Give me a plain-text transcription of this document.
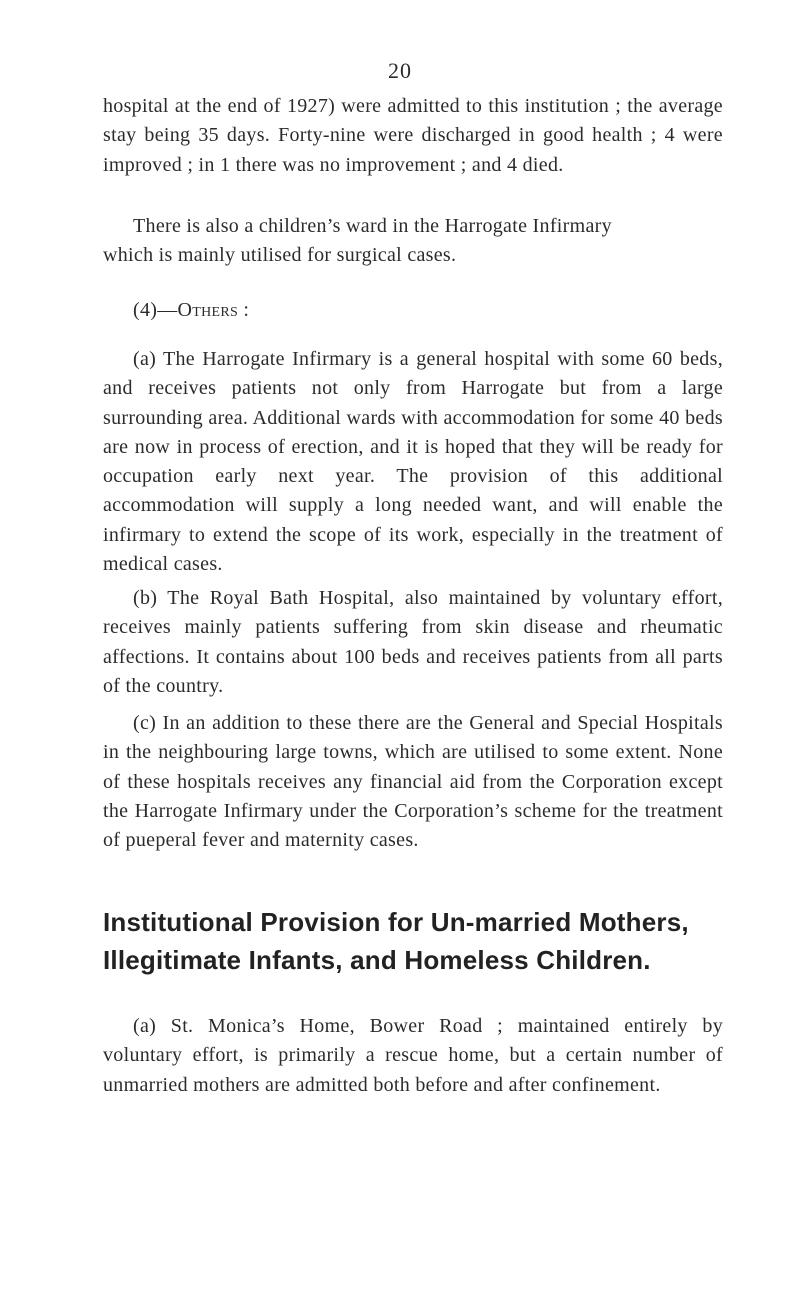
20

hospital at the end of 1927) were admitted to this institution ; the average stay being 35 days. Forty-nine were discharged in good health ; 4 were improved ; in 1 there was no improvement ; and 4 died.

There is also a children’s ward in the Harrogate Infirmary

which is mainly utilised for surgical cases.

(4)—Others :

(a) The Harrogate Infirmary is a general hospital with some 60 beds, and receives patients not only from Harrogate but from a large surrounding area. Additional wards with accommodation for some 40 beds are now in process of erection, and it is hoped that they will be ready for occupation early next year. The provision of this additional accommodation will supply a long needed want, and will enable the infirmary to extend the scope of its work, especially in the treatment of medical cases.

(b) The Royal Bath Hospital, also maintained by voluntary effort, receives mainly patients suffering from skin disease and rheumatic affections. It contains about 100 beds and receives patients from all parts of the country.

(c) In an addition to these there are the General and Special Hospitals in the neighbouring large towns, which are utilised to some extent. None of these hospitals receives any financial aid from the Corporation except the Harrogate Infirmary under the Corporation’s scheme for the treatment of pueperal fever and maternity cases.

Institutional Provision for Un-married Mothers,
Illegitimate Infants, and Homeless Children.

(a) St. Monica’s Home, Bower Road ; maintained entirely by voluntary effort, is primarily a rescue home, but a certain number of unmarried mothers are admitted both before and after confinement.
